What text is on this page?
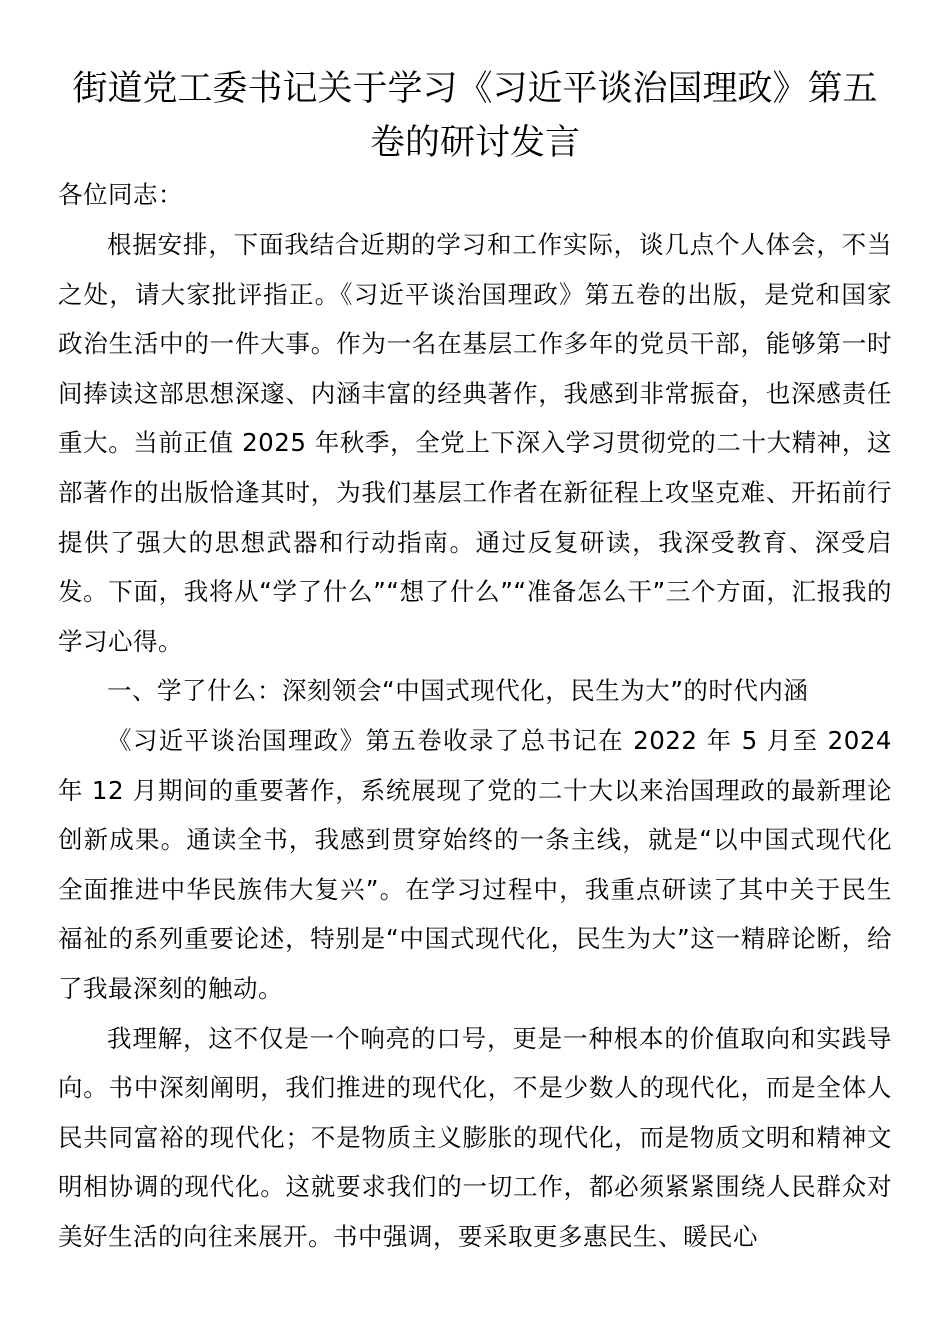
街道党工委书记关于学习《习近平谈治国理政》第五卷的研讨发言

各位同志：

根据安排，下面我结合近期的学习和工作实际，谈几点个人体会，不当之处，请大家批评指正。《习近平谈治国理政》第五卷的出版，是党和国家政治生活中的一件大事。作为一名在基层工作多年的党员干部，能够第一时间捧读这部思想深邃、内涵丰富的经典著作，我感到非常振奋，也深感责任重大。当前正值 2025 年秋季，全党上下深入学习贯彻党的二十大精神，这部著作的出版恰逢其时，为我们基层工作者在新征程上攻坚克难、开拓前行提供了强大的思想武器和行动指南。通过反复研读，我深受教育、深受启发。下面，我将从“学了什么”“想了什么”“准备怎么干”三个方面，汇报我的学习心得。

一、学了什么：深刻领会“中国式现代化，民生为大”的时代内涵

《习近平谈治国理政》第五卷收录了总书记在 2022 年 5 月至 2024 年 12 月期间的重要著作，系统展现了党的二十大以来治国理政的最新理论创新成果。通读全书，我感到贯穿始终的一条主线，就是“以中国式现代化全面推进中华民族伟大复兴”。在学习过程中，我重点研读了其中关于民生福祉的系列重要论述，特别是“中国式现代化，民生为大”这一精辟论断，给了我最深刻的触动。

我理解，这不仅是一个响亮的口号，更是一种根本的价值取向和实践导向。书中深刻阐明，我们推进的现代化，不是少数人的现代化，而是全体人民共同富裕的现代化；不是物质主义膨胀的现代化，而是物质文明和精神文明相协调的现代化。这就要求我们的一切工作，都必须紧紧围绕人民群众对美好生活的向往来展开。书中强调，要采取更多惠民生、暖民心
